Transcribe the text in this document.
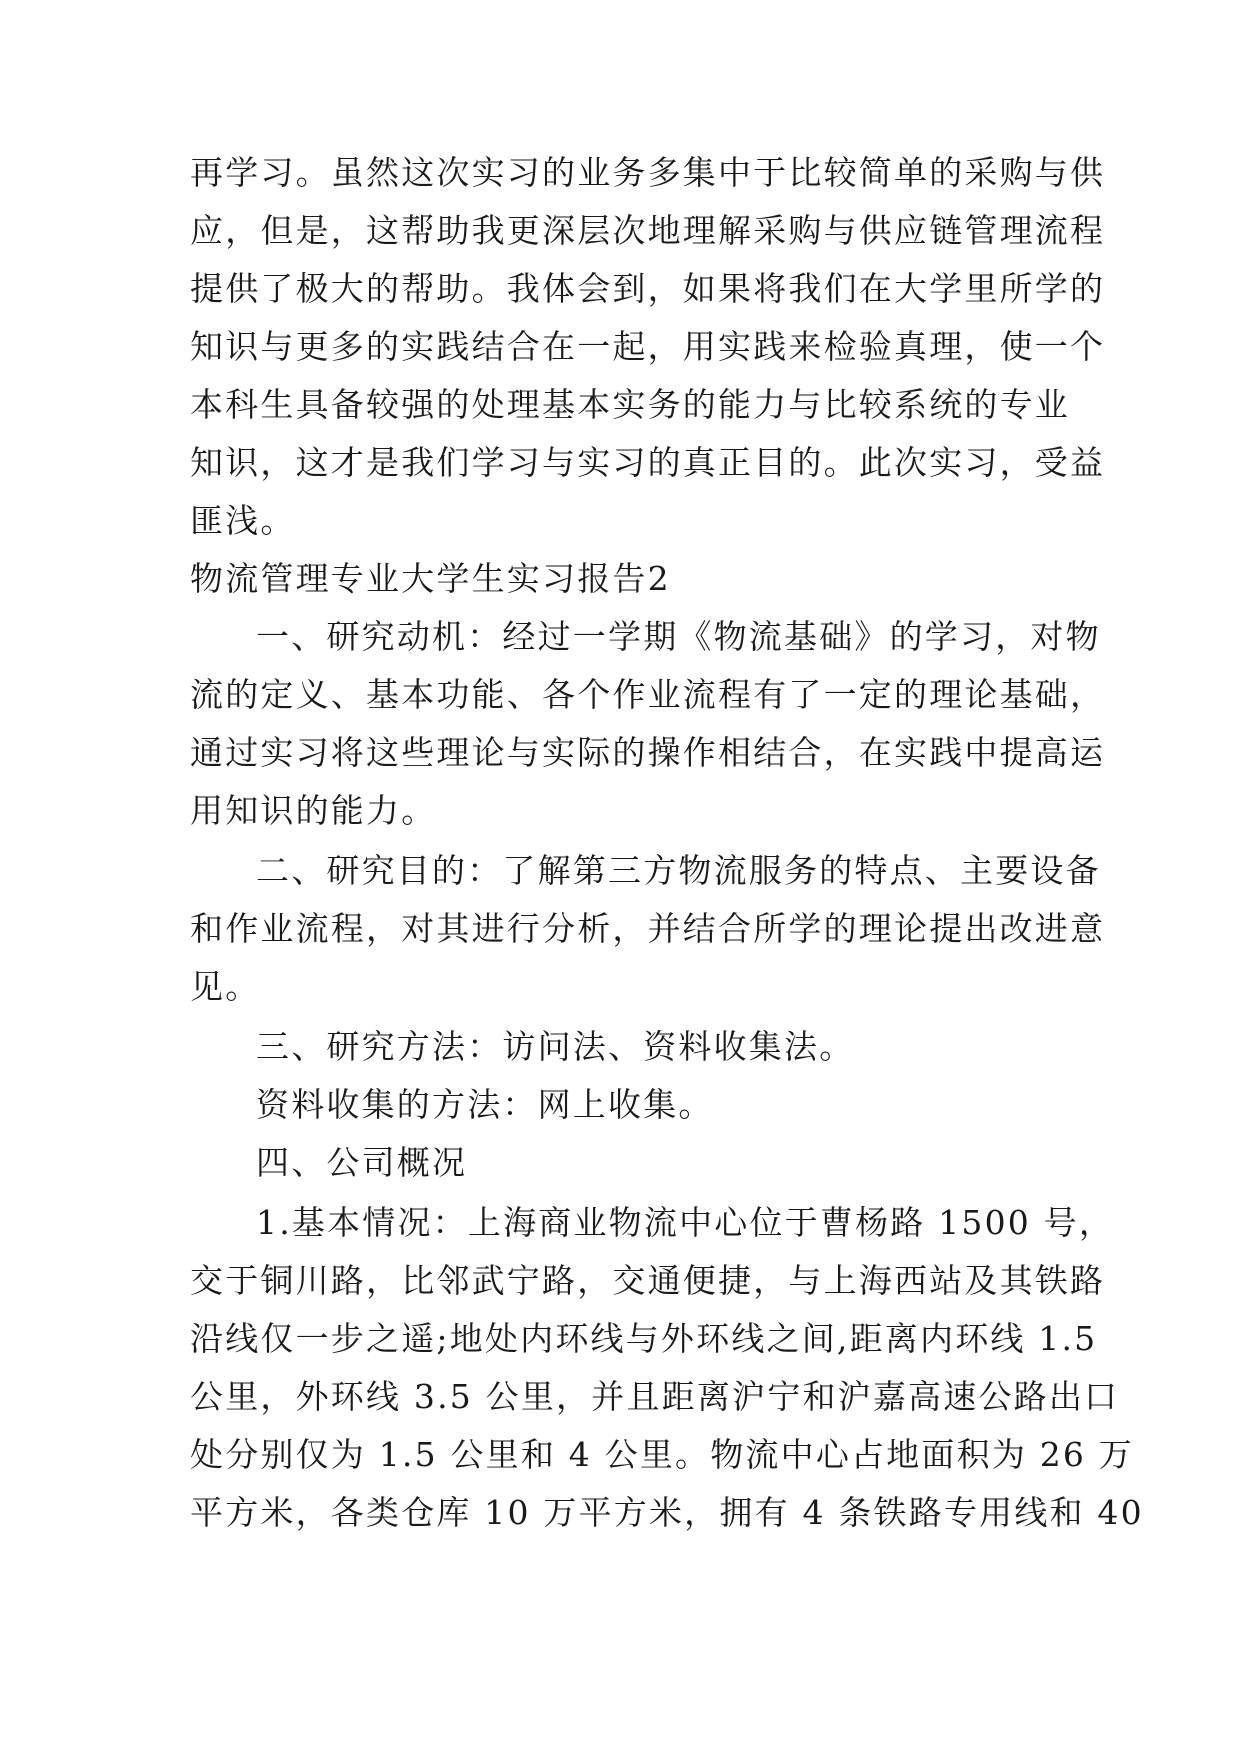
再学习。虽然这次实习的业务多集中于比较简单的采购与供
应，但是，这帮助我更深层次地理解采购与供应链管理流程
提供了极大的帮助。我体会到，如果将我们在大学里所学的
知识与更多的实践结合在一起，用实践来检验真理，使一个
本科生具备较强的处理基本实务的能力与比较系统的专业
知识，这才是我们学习与实习的真正目的。此次实习，受益
匪浅。
物流管理专业大学生实习报告2
一、研究动机：经过一学期《物流基础》的学习，对物
流的定义、基本功能、各个作业流程有了一定的理论基础，
通过实习将这些理论与实际的操作相结合，在实践中提高运
用知识的能力。
二、研究目的：了解第三方物流服务的特点、主要设备
和作业流程，对其进行分析，并结合所学的理论提出改进意
见。
三、研究方法：访问法、资料收集法。
资料收集的方法：网上收集。
四、公司概况
1.基本情况：上海商业物流中心位于曹杨路 1500 号，
交于铜川路，比邻武宁路，交通便捷，与上海西站及其铁路
沿线仅一步之遥;地处内环线与外环线之间,距离内环线 1.5
公里，外环线 3.5 公里，并且距离沪宁和沪嘉高速公路出口
处分别仅为 1.5 公里和 4 公里。物流中心占地面积为 26 万
平方米，各类仓库 10 万平方米，拥有 4 条铁路专用线和 40
